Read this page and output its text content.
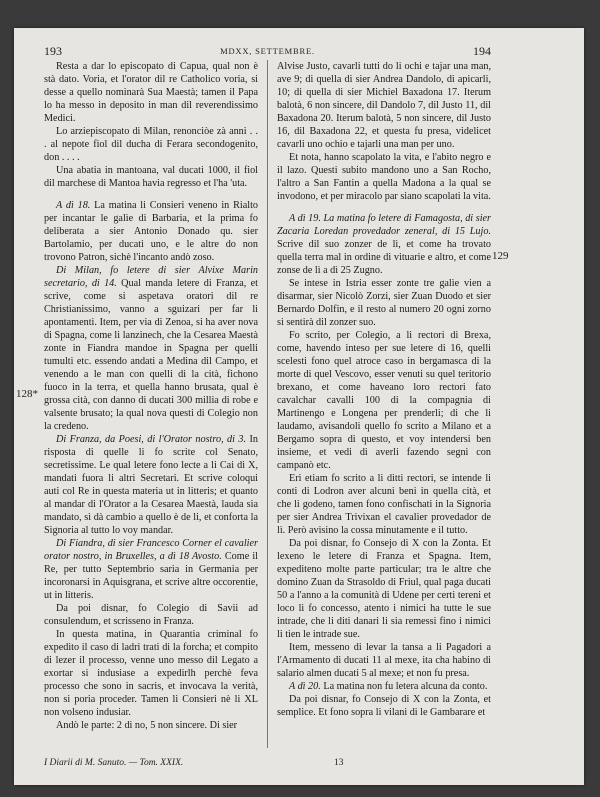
193	MDXX, SETTEMBRE.	194

Resta a dar lo episcopato di Capua, qual non è stà dato. Voria, et l'orator dil re Catholico voria, si desse a quello nominarà Sua Maestà; tamen il Papa lo ha messo in deposito in man dil reverendissimo Medici.

Lo arziepiscopato di Milan, renonciòe zà anni . . . al nepote fiol dil ducha di Ferara secondogenito, don . . . .

Una abatia in mantoana, val ducati 1000, il fiol dil marchese di Mantoa havia regresso et l'ha 'uta.

A dì 18. La matina li Consieri veneno in Rialto per incantar le galìe di Barbaria, et la prima fo deliberata a sier Antonio Donado qu. sier Bartolamio, per ducati uno, e le altre do non trovono Patron, sichè l'incanto andò zoso.

Di Milan, fo letere di sier Alvixe Marin secretario, di 14. Qual manda letere di Franza, et scrive, come si aspetava oratori dil re Christianissimo, vanno a sguizari per far li apontamenti. Item, per via di Zenoa, si ha aver nova di Spagna, come li lanzinech, che la Cesarea Maestà zonte in Fiandra mandoe in Spagna per quelli tumulti etc. essendo andati a Medina dil Campo, et venendo a le man con quelli di la cità, fichono fuoco in la terra, et quella hanno brusata, qual è grossa cità, con danno di ducati 300 millia di robe e valsente brusato; la qual nova questi di Colegio non la credeno.

Di Franza, da Poesi, di l'Orator nostro, di 3. In risposta di quelle li fo scrite col Senato, secretissime. Le qual letere fono lecte a li Cai di X, mandati fuora li altri Secretari. Et scrive coloqui auti col Re in questa materia ut in litteris; et quanto al mandar di l'Orator a la Cesarea Maestà, lauda sia mandato, sì dà cambio a quello è de li, et conforta la Signoria al tutto lo voy mandar.

Di Fiandra, di sier Francesco Corner el cavalier orator nostro, in Bruxelles, a dì 18 Avosto. Come il Re, per tutto Septembrio saria in Germania per incoronarsi in Aquisgrana, et scrive altre occorentie, ut in litteris.

Da poi disnar, fo Colegio di Savii ad consulendum, et scrisseno in Franza.

In questa matina, in Quarantia criminal fo expedito il caso di ladri trati di la forcha; et compito di lezer il processo, venne uno messo dil Legato a exortar si indusiase a expedirlh perchè feva processo che sono in sacris, et invocava la verità, non si poria proceder. Tamen li Consieri nè li XL non volseno indusiar.

Andò le parte: 2 di no, 5 non sincere. Di sier

Alvise Justo, cavarli tutti do li ochi e tajar una man, ave 9; di quella di sier Andrea Dandolo, di apicarli, 10; di quella di sier Michiel Baxadona 17. Iterum balotà, 6 non sincere, dil Dandolo 7, dil Justo 11, dil Baxadona 20. Iterum balotà, 5 non sincere, dil Justo 16, dil Baxadona 22, et questa fu presa, videlicet cavarli uno ochio e tajarli una man per uno.

Et nota, hanno scapolato la vita, e l'abito negro e il lazo. Questi subito mandono uno a San Rocho, l'altro a San Fantin a quella Madona a la qual se invodono, et per miracolo par siano scapolati la vita.

A dì 19. La matina fo letere di Famagosta, di sier Zacaria Loredan provedador zeneral, di 15 Lujo. Scrive dil suo zonzer de lì, et come ha trovato quella terra mal in ordine di vituarie e altro, et come zonse de lì a dì 25 Zugno.

Se intese in Istria esser zonte tre galìe vien a disarmar, sier Nicolò Zorzi, sier Zuan Duodo et sier Bernardo Dolfin, e il resto al numero 20 ogni zorno si sentirà dil zonzer suo.

Fo scrito, per Colegio, a li rectori di Brexa, come, havendo inteso per sue letere di 16, quelli scelesti fono quel atroce caso in bergamasca di la morte di quel Vescovo, esser venuti su quel teritorio brexano, et come haveano loro rectori fato cavalchar cavalli 100 di la compagnia di Martinengo e Longena per prenderli; di che li laudamo, avisandoli quello fo scrito a Milano et a Bergamo sopra di questo, et voy intendersi ben insieme, et vedi di averli fazendo segni con campanò etc.

Eri etiam fo scrito a li ditti rectori, se intende li conti di Lodron aver alcuni beni in quella cità, et che li godeno, tamen fono confischati in la Signoria per sier Andrea Trivixan el cavalier provedador de lì. Però avisino la cossa minutamente e il tutto.

Da poi disnar, fo Consejo di X con la Zonta. Et lexeno le letere di Franza et Spagna. Item, expediteno molte parte particular; tra le altre che domino Zuan da Strasoldo di Friul, qual paga ducati 50 a l'anno a la comunità di Udene per certi tereni et loco li fo concesso, atento i nimici ha tutte le sue intrade, che li diti danari li sia remessi fino i nimici li tien le intrade sue.

Item, messeno di levar la tansa a li Pagadori a l'Armamento di ducati 11 al mexe, ita cha habino di salario almen ducati 5 al mexe; et non fu presa.

A dì 20. La matina non fu letera alcuna da conto.

Da poi disnar, fo Consejo di X con la Zonta, et semplice. Et fono sopra li vilani di le Gambarare et

128*
129
I Diarii di M. Sanuto. — Tom. XXIX.	13
